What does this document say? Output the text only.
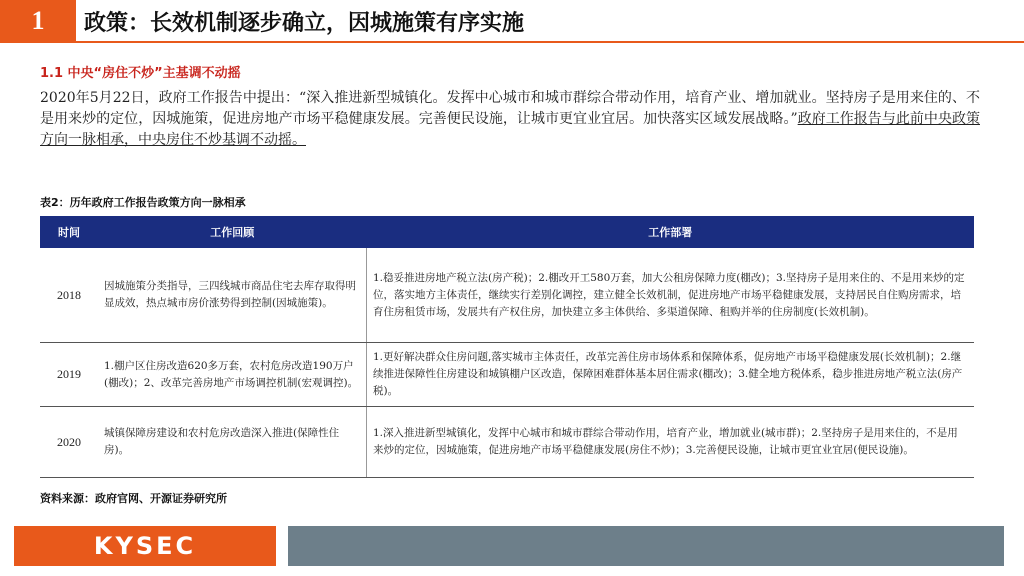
1	政策：长效机制逐步确立，因城施策有序实施
1.1 中央“房住不炒”主基调不动摇
2020年5月22日，政府工作报告中提出：“深入推进新型城镇化。发挥中心城市和城市群综合带动作用，培育产业、增加就业。坚持房子是用来住的、不是用来炒的定位，因城施策，促进房地产市场平稳健康发展。完善便民设施，让城市更宜业宜居。加快落实区域发展战略。”政府工作报告与此前中央政策方向一脉相承，中央房住不炒基调不动摇。
表2：历年政府工作报告政策方向一脉相承
时间	工作回顾	工作部署
2018	因城施策分类指导，三四线城市商品住宅去库存取得明显成效，热点城市房价涨势得到控制(因城施策)。	1.稳妥推进房地产税立法(房产税)；2.棚改开工580万套，加大公租房保障力度(棚改)；3.坚持房子是用来住的、不是用来炒的定位，落实地方主体责任，继续实行差别化调控，建立健全长效机制，促进房地产市场平稳健康发展，支持居民自住购房需求，培育住房租赁市场，发展共有产权住房，加快建立多主体供给、多渠道保障、租购并举的住房制度(长效机制)。
2019	1.棚户区住房改造620多万套，农村危房改造190万户(棚改)；2、改革完善房地产市场调控机制(宏观调控)。	1.更好解决群众住房问题,落实城市主体责任，改革完善住房市场体系和保障体系，促房地产市场平稳健康发展(长效机制)；2.继续推进保障性住房建设和城镇棚户区改造，保障困难群体基本居住需求(棚改)；3.健全地方税体系，稳步推进房地产税立法(房产税)。
2020	城镇保障房建设和农村危房改造深入推进(保障性住房)。	1.深入推进新型城镇化，发挥中心城市和城市群综合带动作用，培育产业，增加就业(城市群)；2.坚持房子是用来住的，不是用来炒的定位，因城施策，促进房地产市场平稳健康发展(房住不炒)；3.完善便民设施，让城市更宜业宜居(便民设施)。
资料来源：政府官网、开源证券研究所
KYSEC
